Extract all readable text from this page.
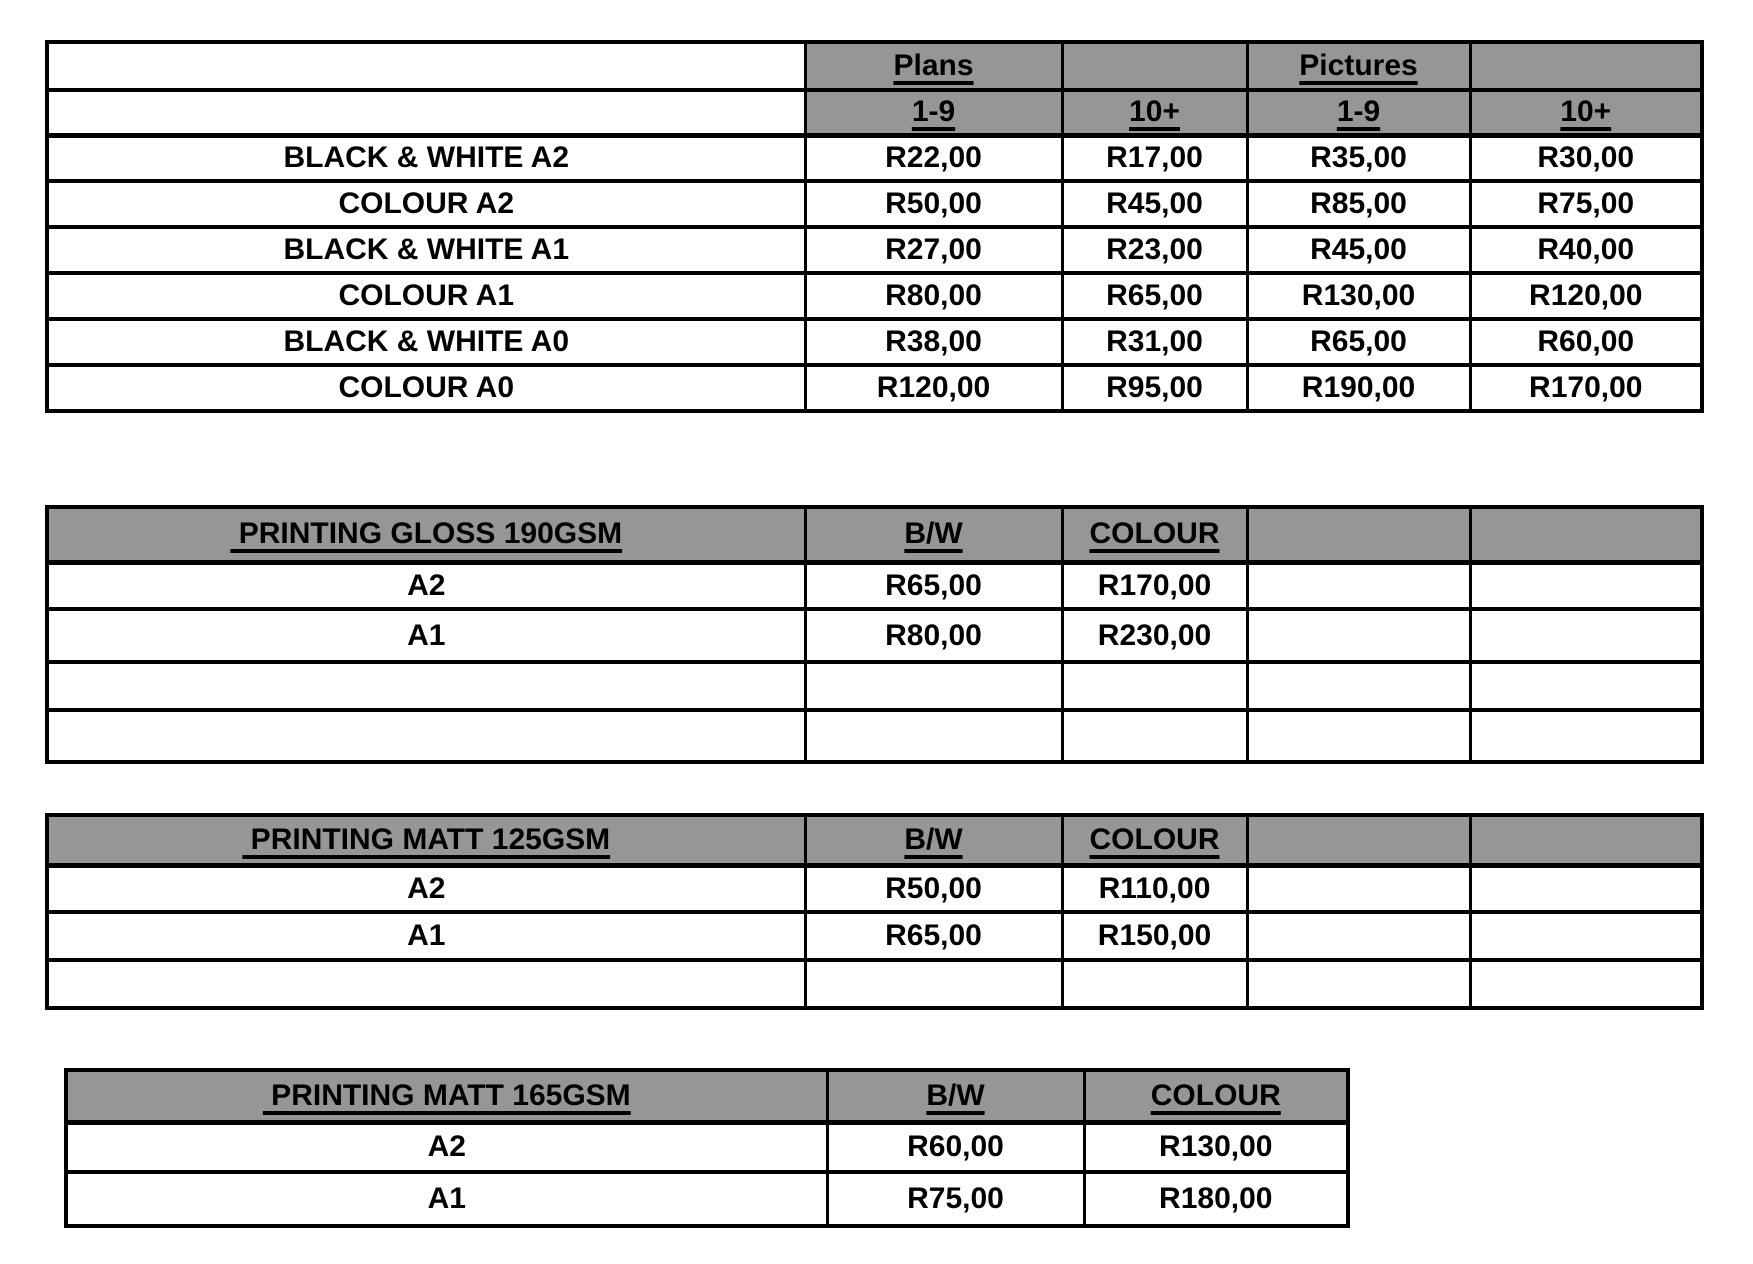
	Plans		Pictures	
	1-9	10+	1-9	10+
BLACK & WHITE A2	R22,00	R17,00	R35,00	R30,00
COLOUR A2	R50,00	R45,00	R85,00	R75,00
BLACK & WHITE A1	R27,00	R23,00	R45,00	R40,00
COLOUR A1	R80,00	R65,00	R130,00	R120,00
BLACK & WHITE A0	R38,00	R31,00	R65,00	R60,00
COLOUR A0	R120,00	R95,00	R190,00	R170,00
PRINTING GLOSS 190GSM	B/W	COLOUR		
A2	R65,00	R170,00		
A1	R80,00	R230,00		

PRINTING MATT 125GSM	B/W	COLOUR		
A2	R50,00	R110,00		
A1	R65,00	R150,00		

PRINTING MATT 165GSM	B/W	COLOUR
A2	R60,00	R130,00
A1	R75,00	R180,00
